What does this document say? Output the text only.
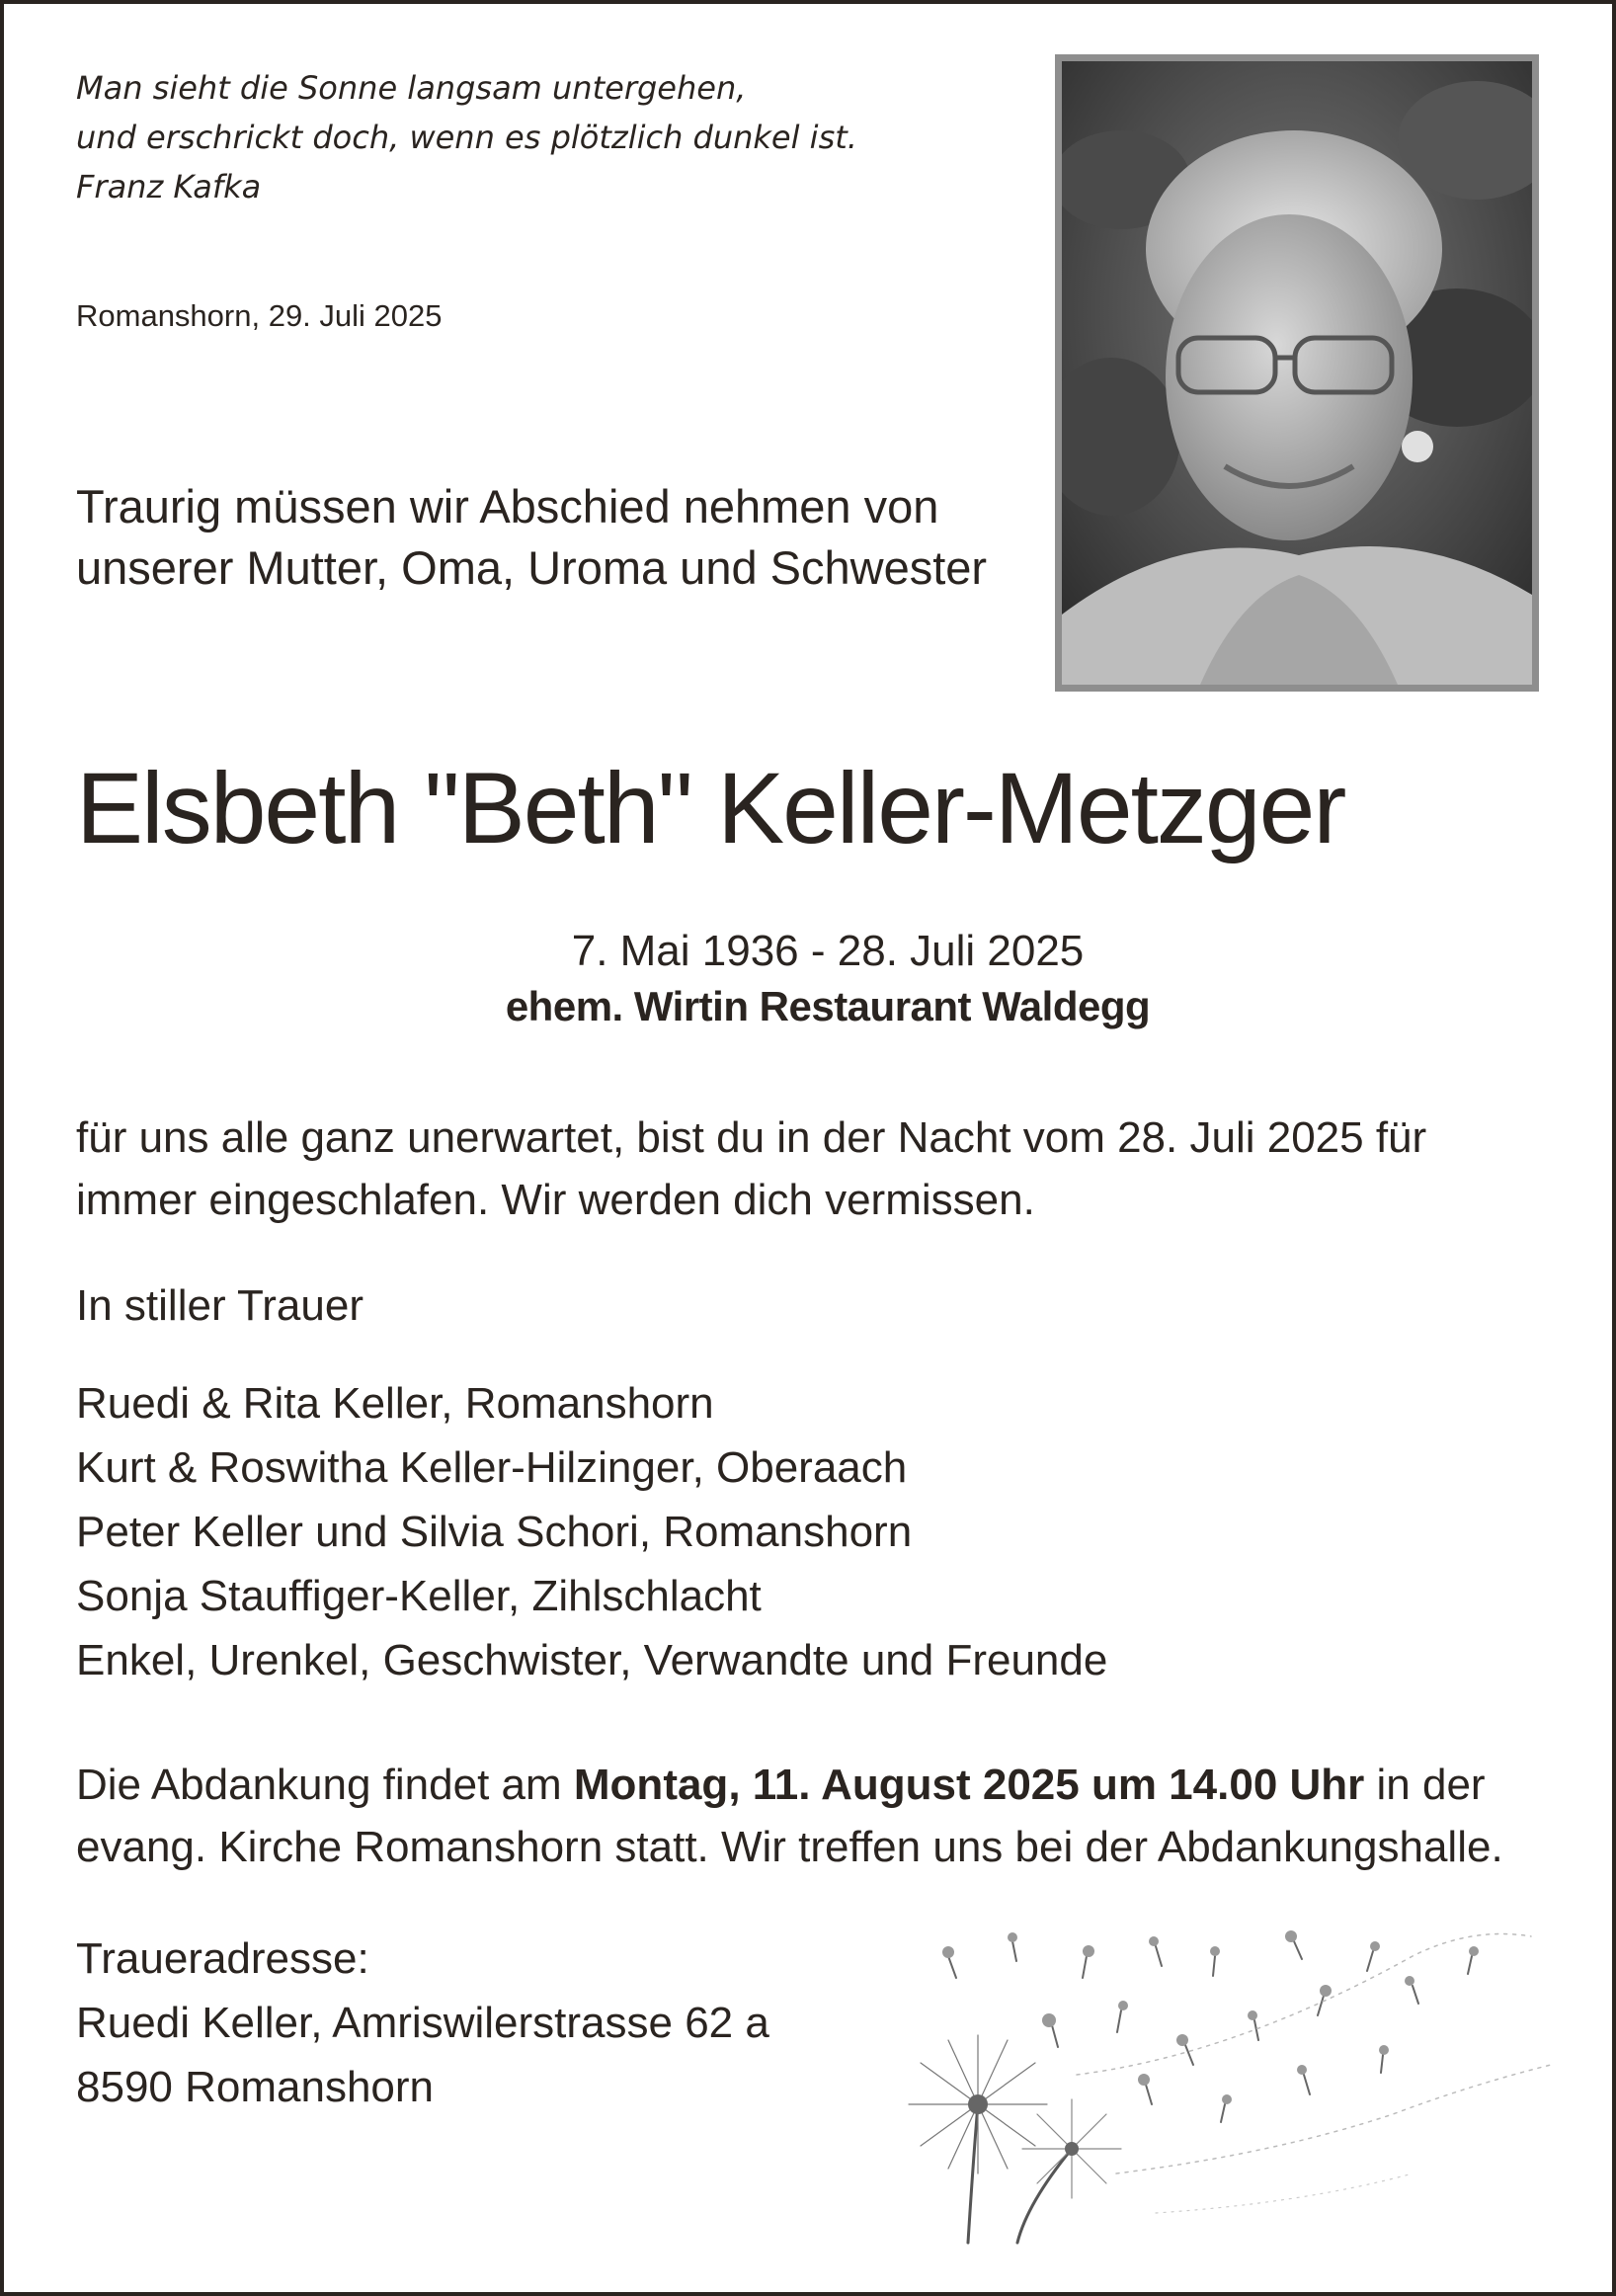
Man sieht die Sonne langsam untergehen,
und erschrickt doch, wenn es plötzlich dunkel ist.
Franz Kafka
Romanshorn, 29. Juli 2025
Traurig müssen wir Abschied nehmen von
unserer Mutter, Oma, Uroma und Schwester
Elsbeth "Beth" Keller-Metzger
7. Mai 1936 - 28. Juli 2025
ehem. Wirtin Restaurant Waldegg
für uns alle ganz unerwartet, bist du in der Nacht vom 28. Juli 2025 für
immer eingeschlafen. Wir werden dich vermissen.
In stiller Trauer
Ruedi & Rita Keller, Romanshorn
Kurt & Roswitha Keller-Hilzinger, Oberaach
Peter Keller und Silvia Schori, Romanshorn
Sonja Stauffiger-Keller, Zihlschlacht
Enkel, Urenkel, Geschwister, Verwandte und Freunde
Die Abdankung findet am Montag, 11. August 2025 um 14.00 Uhr in der
evang. Kirche Romanshorn statt. Wir treffen uns bei der Abdankungshalle.
Traueradresse:
Ruedi Keller, Amriswilerstrasse 62 a
8590 Romanshorn
